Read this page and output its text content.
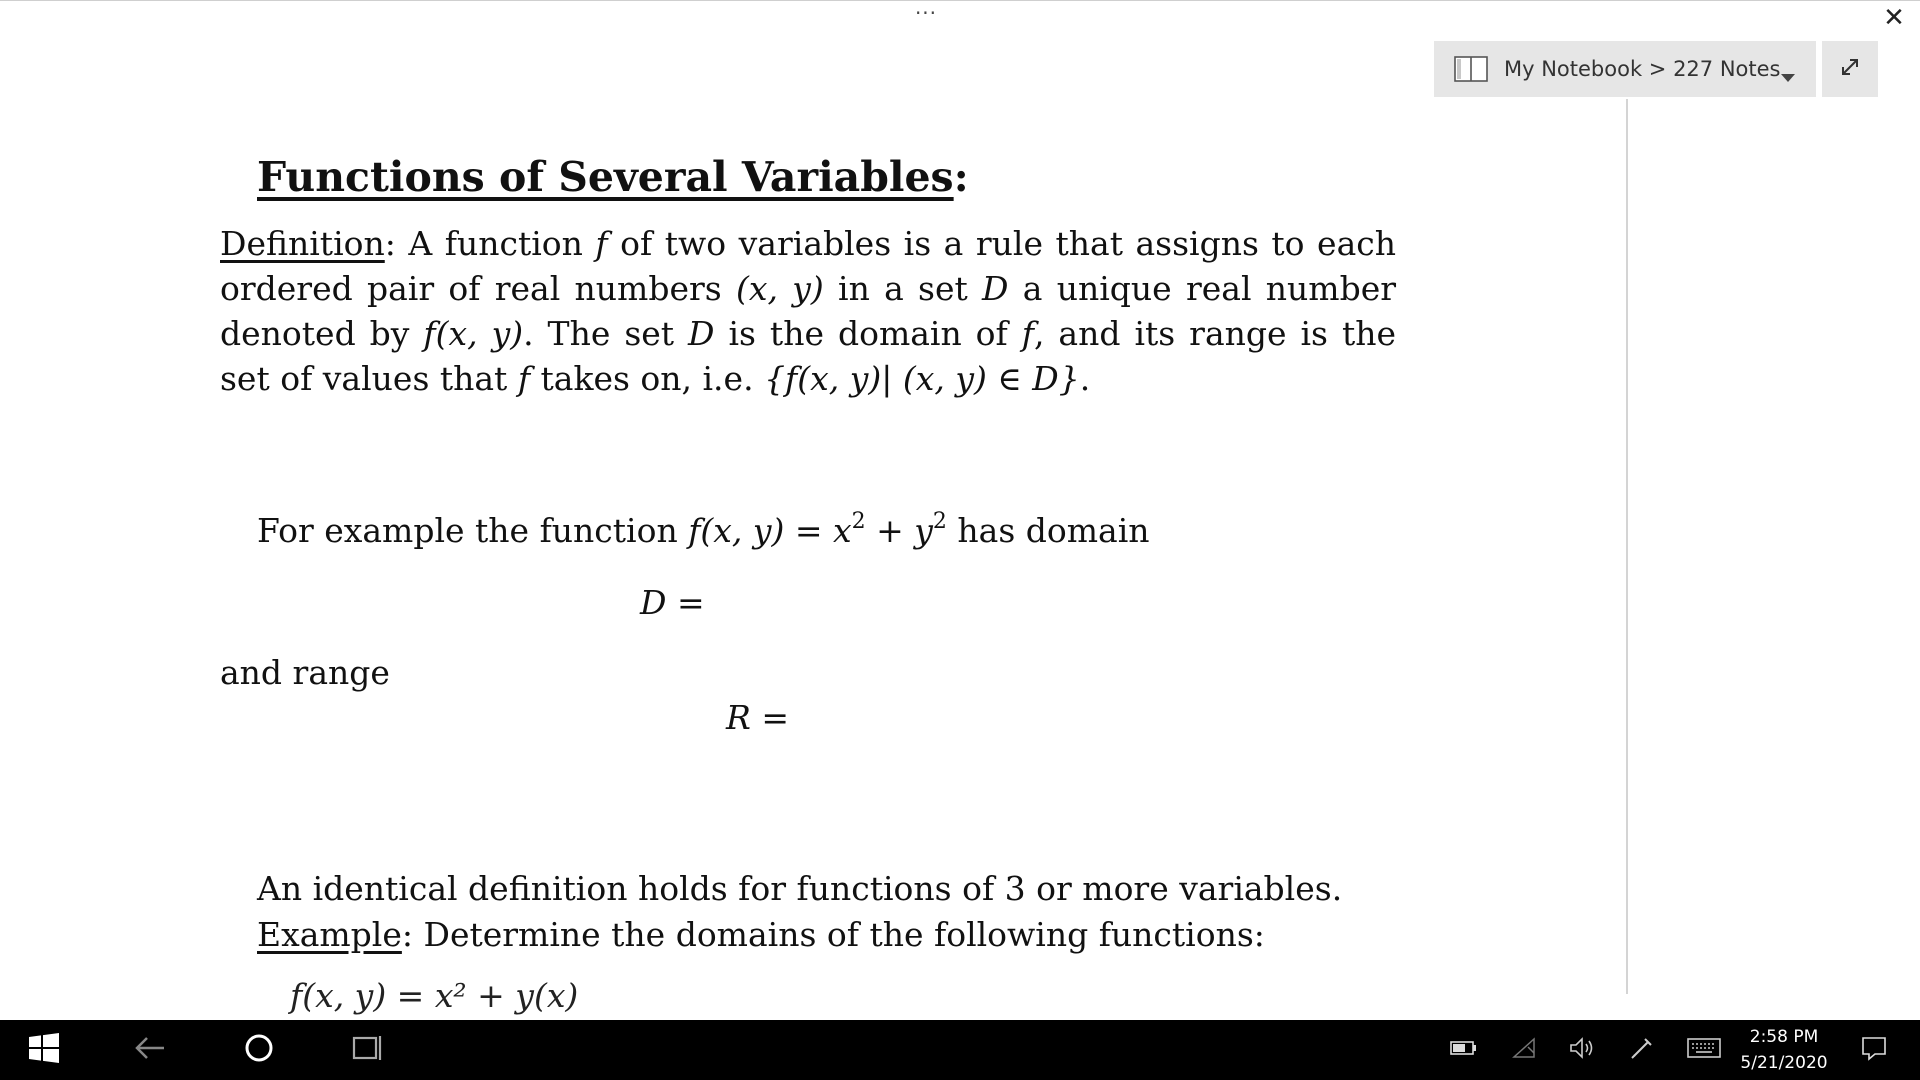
···	✕
My Notebook > 227 Notes
Functions of Several Variables:
Definition: A function f of two variables is a rule that assigns to each ordered pair of real numbers (x, y) in a set D a unique real number denoted by f(x, y). The set D is the domain of f, and its range is the set of values that f takes on, i.e. {f(x, y)| (x, y) ∈ D}.
For example the function f(x, $y) = x^2 + y^2$ has domain
D =
and range
R =
An identical definition holds for functions of 3 or more variables.
Example: Determine the domains of the following functions:
f(x, y) = x² + y(x)
2:58 PM
5/21/2020
